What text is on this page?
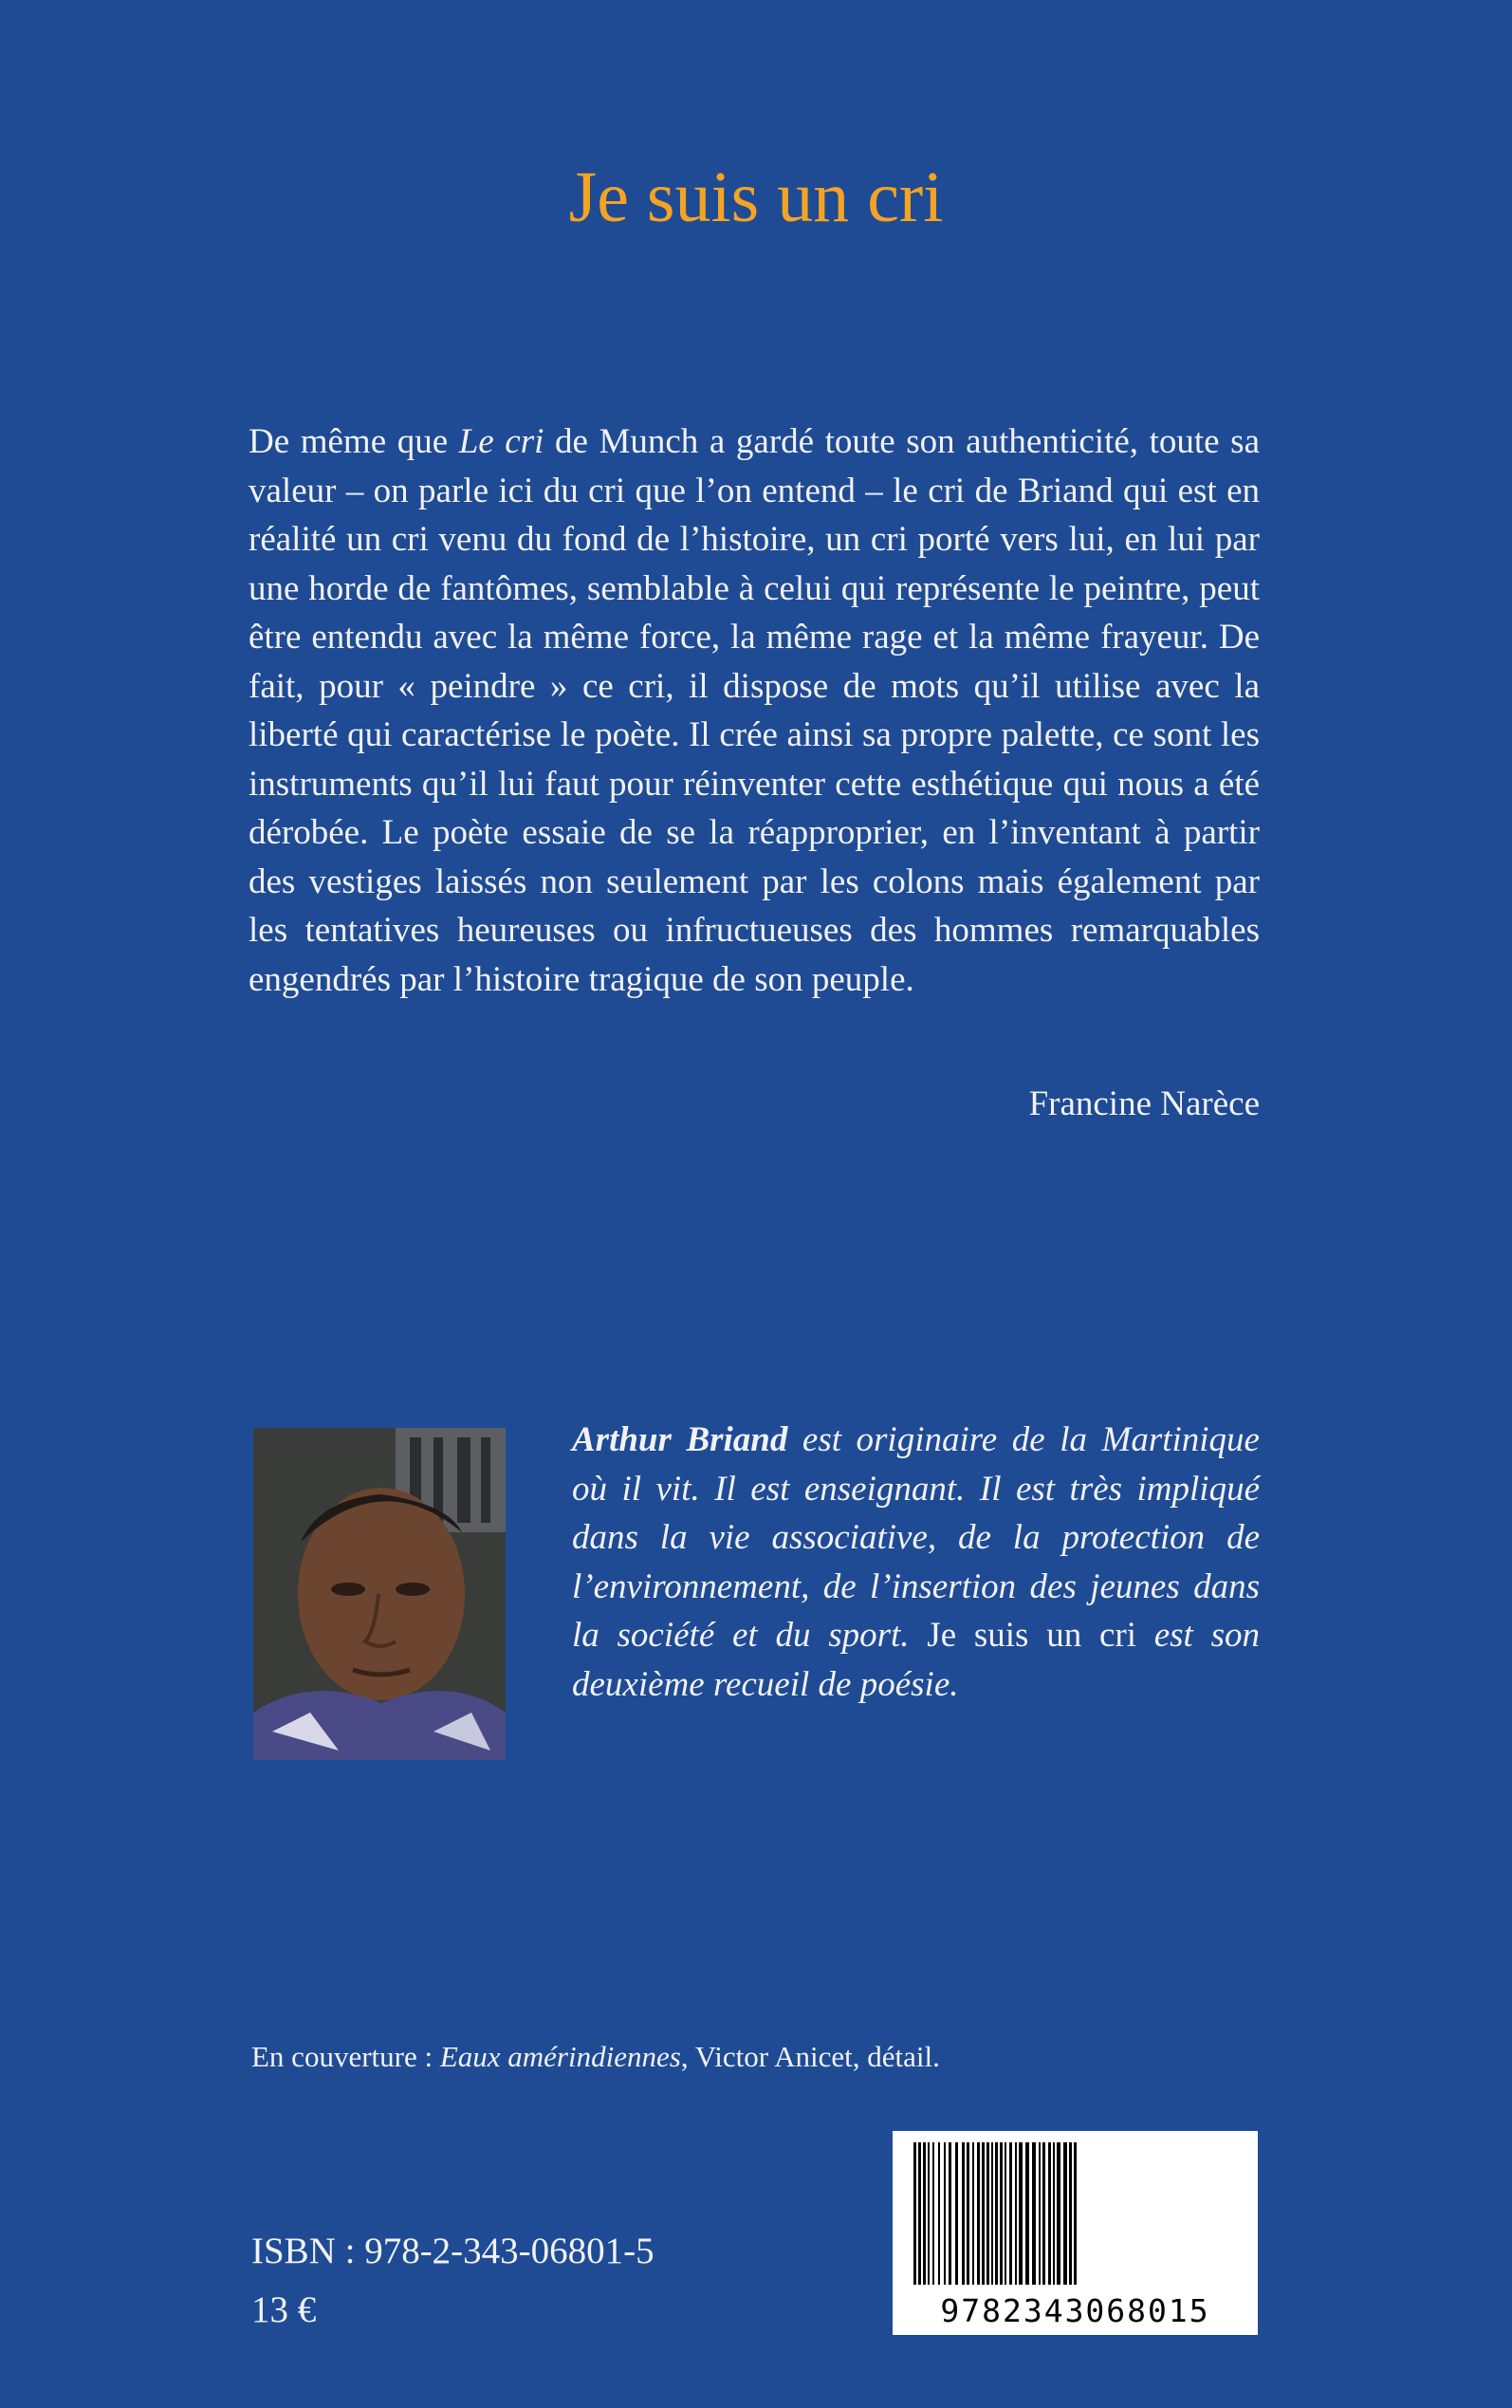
Je suis un cri

De même que Le cri de Munch a gardé toute son authenticité, toute sa valeur – on parle ici du cri que l’on entend – le cri de Briand qui est en réalité un cri venu du fond de l’histoire, un cri porté vers lui, en lui par une horde de fantômes, semblable à celui qui représente le peintre, peut être entendu avec la même force, la même rage et la même frayeur. De fait, pour « peindre » ce cri, il dispose de mots qu’il utilise avec la liberté qui caractérise le poète. Il crée ainsi sa propre palette, ce sont les instruments qu’il lui faut pour réinventer cette esthétique qui nous a été dérobée. Le poète essaie de se la réapproprier, en l’inventant à partir des vestiges laissés non seulement par les colons mais également par les tentatives heureuses ou infructueuses des hommes remarquables engendrés par l’histoire tragique de son peuple.

Francine Narèce

Arthur Briand est originaire de la Martinique où il vit. Il est enseignant. Il est très impliqué dans la vie associative, de la protection de l’environnement, de l’insertion des jeunes dans la société et du sport. Je suis un cri est son deuxième recueil de poésie.

En couverture : Eaux amérindiennes, Victor Anicet, détail.

9782343068015

ISBN : 978-2-343-06801-5

13 €
